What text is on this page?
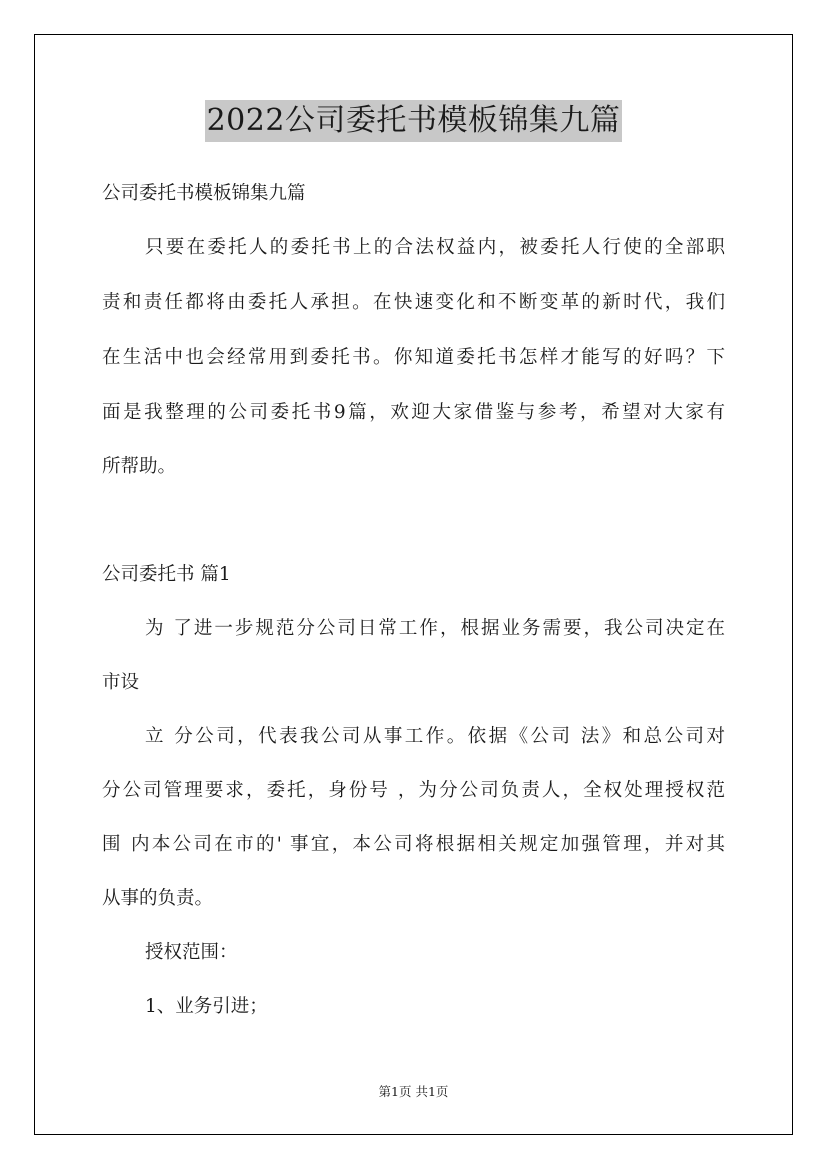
2022公司委托书模板锦集九篇
公司委托书模板锦集九篇
只要在委托人的委托书上的合法权益内，被委托人行使的全部职
责和责任都将由委托人承担。在快速变化和不断变革的新时代，我们
在生活中也会经常用到委托书。你知道委托书怎样才能写的好吗？下
面是我整理的公司委托书9篇，欢迎大家借鉴与参考，希望对大家有
所帮助。
公司委托书 篇1
为 了进一步规范分公司日常工作，根据业务需要，我公司决定在
市设
立 分公司，代表我公司从事工作。依据《公司 法》和总公司对
分公司管理要求，委托，身份号 ，为分公司负责人，全权处理授权范
围 内本公司在市的' 事宜，本公司将根据相关规定加强管理，并对其
从事的负责。
授权范围：
1、业务引进；
第1页 共1页
